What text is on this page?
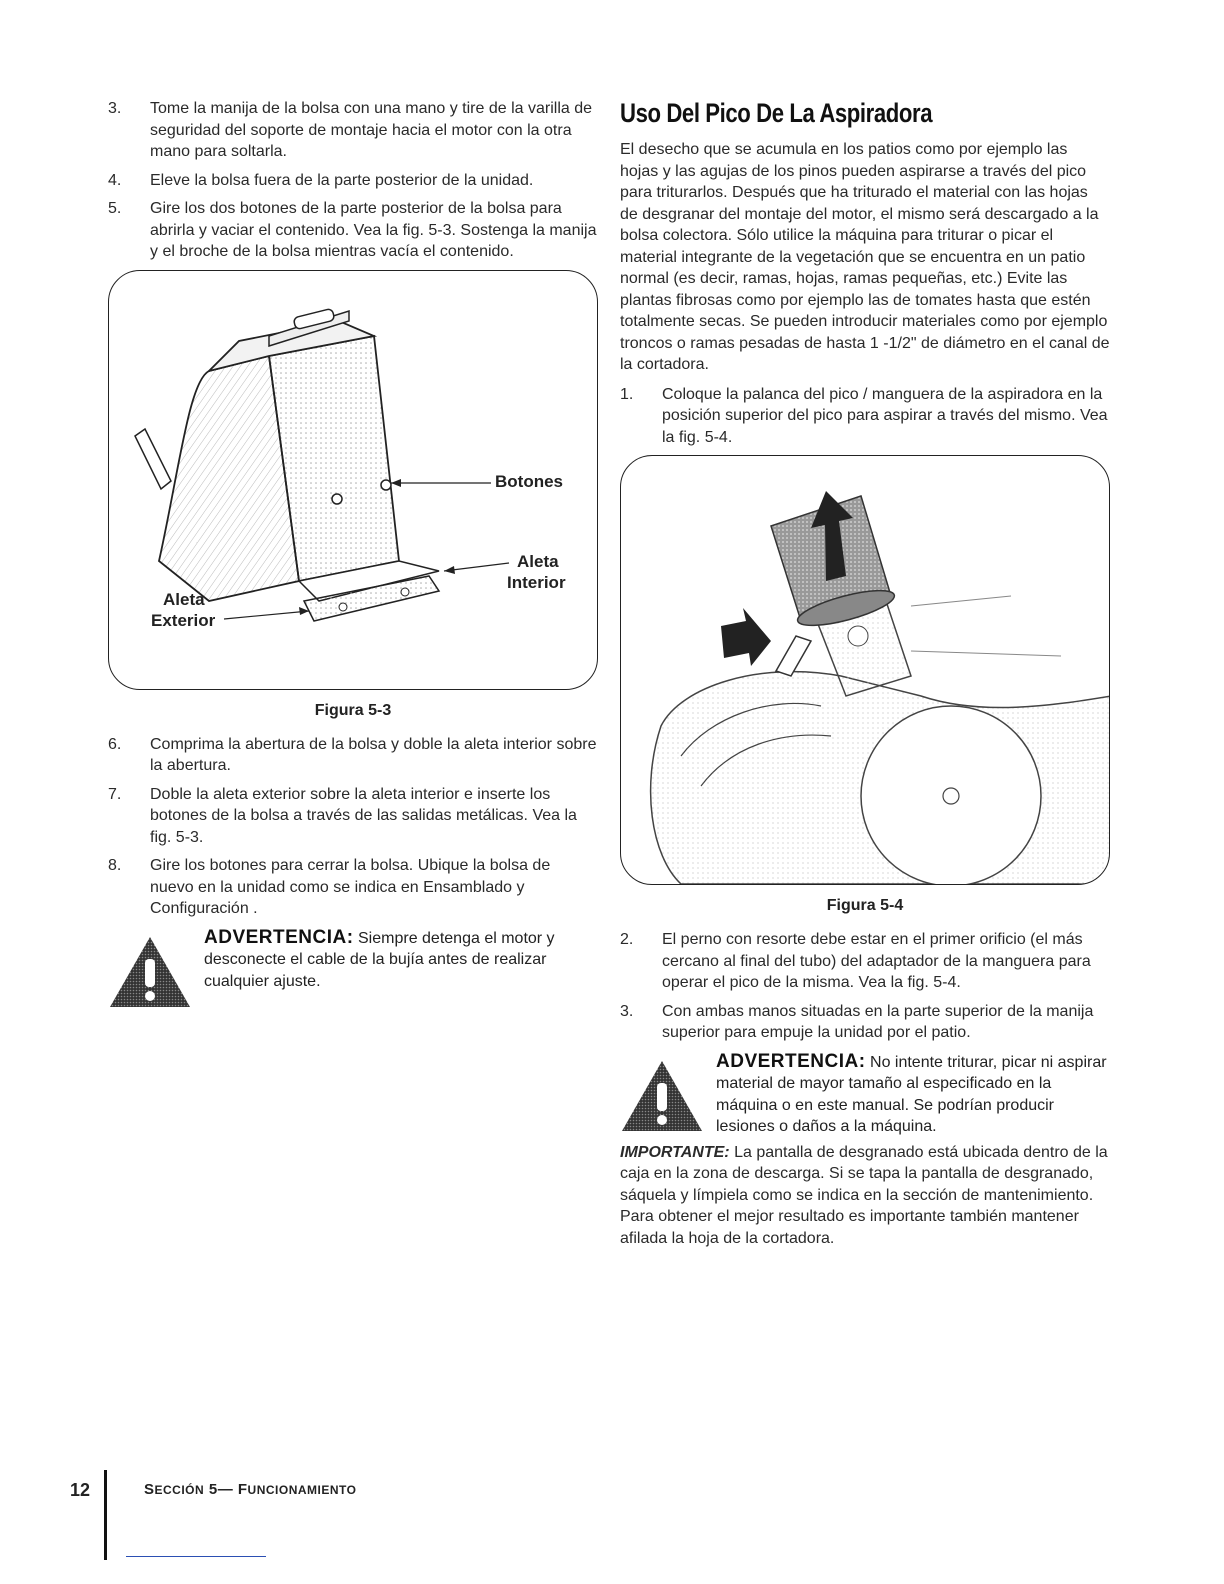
3. Tome la manija de la bolsa con una mano y tire de la varilla de seguridad del soporte de montaje hacia el motor con la otra mano para soltarla.
4. Eleve la bolsa fuera de la parte posterior de la unidad.
5. Gire los dos botones de la parte posterior de la bolsa para abrirla y vaciar el contenido. Vea la fig. 5-3. Sostenga la manija y el broche de la bolsa mientras vacía el contenido.
Botones
Aleta
Interior
Aleta
Exterior
Figura 5-3
6. Comprima la abertura de la bolsa y doble la aleta interior sobre la abertura.
7. Doble la aleta exterior sobre la aleta interior e inserte los botones de la bolsa a través de las salidas metálicas. Vea la fig. 5-3.
8. Gire los botones para cerrar la bolsa. Ubique la bolsa de nuevo en la unidad como se indica en Ensamblado y Configuración .

ADVERTENCIA: Siempre detenga el motor y desconecte el cable de la bujía antes de realizar cualquier ajuste.

Uso Del Pico De La Aspiradora

El desecho que se acumula en los patios como por ejemplo las hojas y las agujas de los pinos pueden aspirarse a través del pico para triturarlos. Después que ha triturado el material con las hojas de desgranar del montaje del motor, el mismo será descargado a la bolsa colectora. Sólo utilice la máquina para triturar o picar el material integrante de la vegetación que se encuentra en un patio normal (es decir, ramas, hojas, ramas pequeñas, etc.) Evite las plantas fibrosas como por ejemplo las de tomates hasta que estén totalmente secas. Se pueden introducir materiales como por ejemplo troncos o ramas pesadas de hasta 1 -1/2" de diámetro en el canal de la cortadora.

1. Coloque la palanca del pico / manguera de la aspiradora en la posición superior del pico para aspirar a través del mismo. Vea la fig. 5-4.
Figura 5-4
2. El perno con resorte debe estar en el primer orificio (el más cercano al final del tubo) del adaptador de la manguera para operar el pico de la misma. Vea la fig. 5-4.
3. Con ambas manos situadas en la parte superior de la manija superior para empuje la unidad por el patio.

ADVERTENCIA: No intente triturar, picar ni aspirar material de mayor tamaño al especificado en la máquina o en este manual. Se podrían producir lesiones o daños a la máquina.

IMPORTANTE: La pantalla de desgranado está ubicada dentro de la caja en la zona de descarga. Si se tapa la pantalla de desgranado, sáquela y límpiela como se indica en la sección de mantenimiento. Para obtener el mejor resultado es importante también mantener afilada la hoja de la cortadora.

12	SECCIÓN 5— FUNCIONAMIENTO
